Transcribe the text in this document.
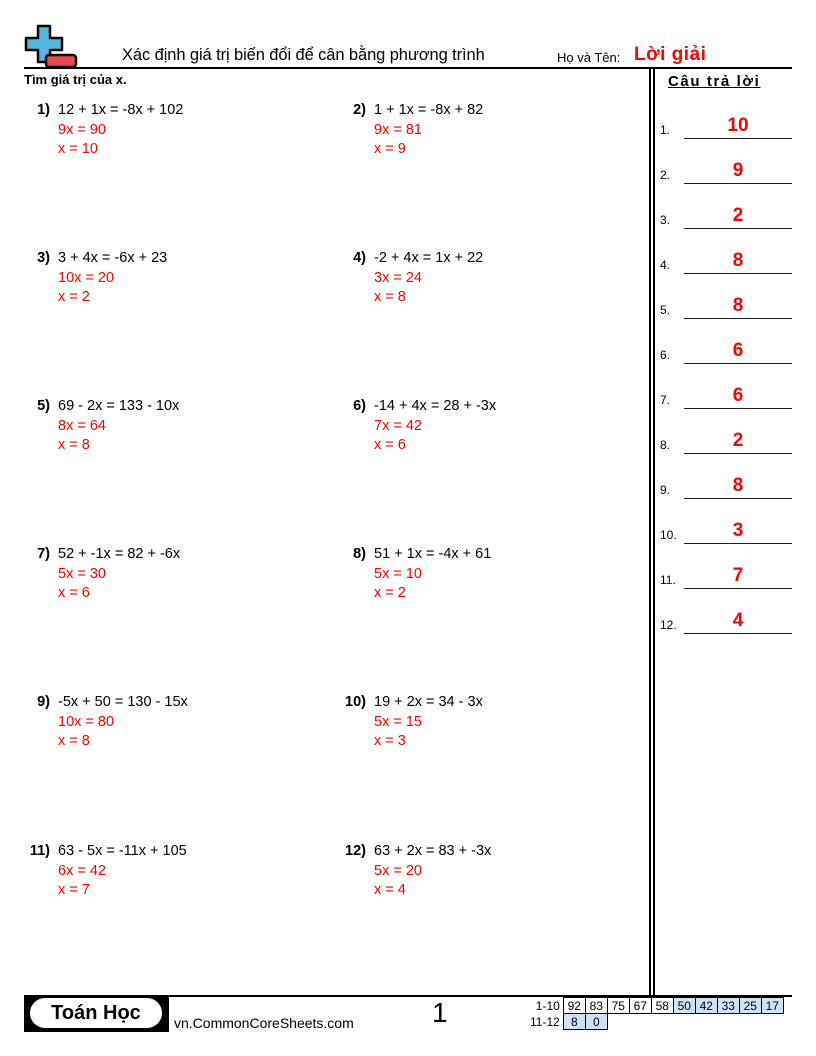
Xác định giá trị biến đổi để cân bằng phương trình	Họ và Tên: Lời giải
Tìm giá trị của x.
1) 12 + 1x = -8x + 102
9x = 90
x = 10
2) 1 + 1x = -8x + 82
9x = 81
x = 9
3) 3 + 4x = -6x + 23
10x = 20
x = 2
4) -2 + 4x = 1x + 22
3x = 24
x = 8
5) 69 - 2x = 133 - 10x
8x = 64
x = 8
6) -14 + 4x = 28 + -3x
7x = 42
x = 6
7) 52 + -1x = 82 + -6x
5x = 30
x = 6
8) 51 + 1x = -4x + 61
5x = 10
x = 2
9) -5x + 50 = 130 - 15x
10x = 80
x = 8
10) 19 + 2x = 34 - 3x
5x = 15
x = 3
11) 63 - 5x = -11x + 105
6x = 42
x = 7
12) 63 + 2x = 83 + -3x
5x = 20
x = 4
Câu trả lời
1.	10
2.	9
3.	2
4.	8
5.	8
6.	6
7.	6
8.	2
9.	8
10.	3
11.	7
12.	4
Toán Học	vn.CommonCoreSheets.com	1	1-10	92	83	75	67	58	50	42	33	25	17
11-12	8	0								
